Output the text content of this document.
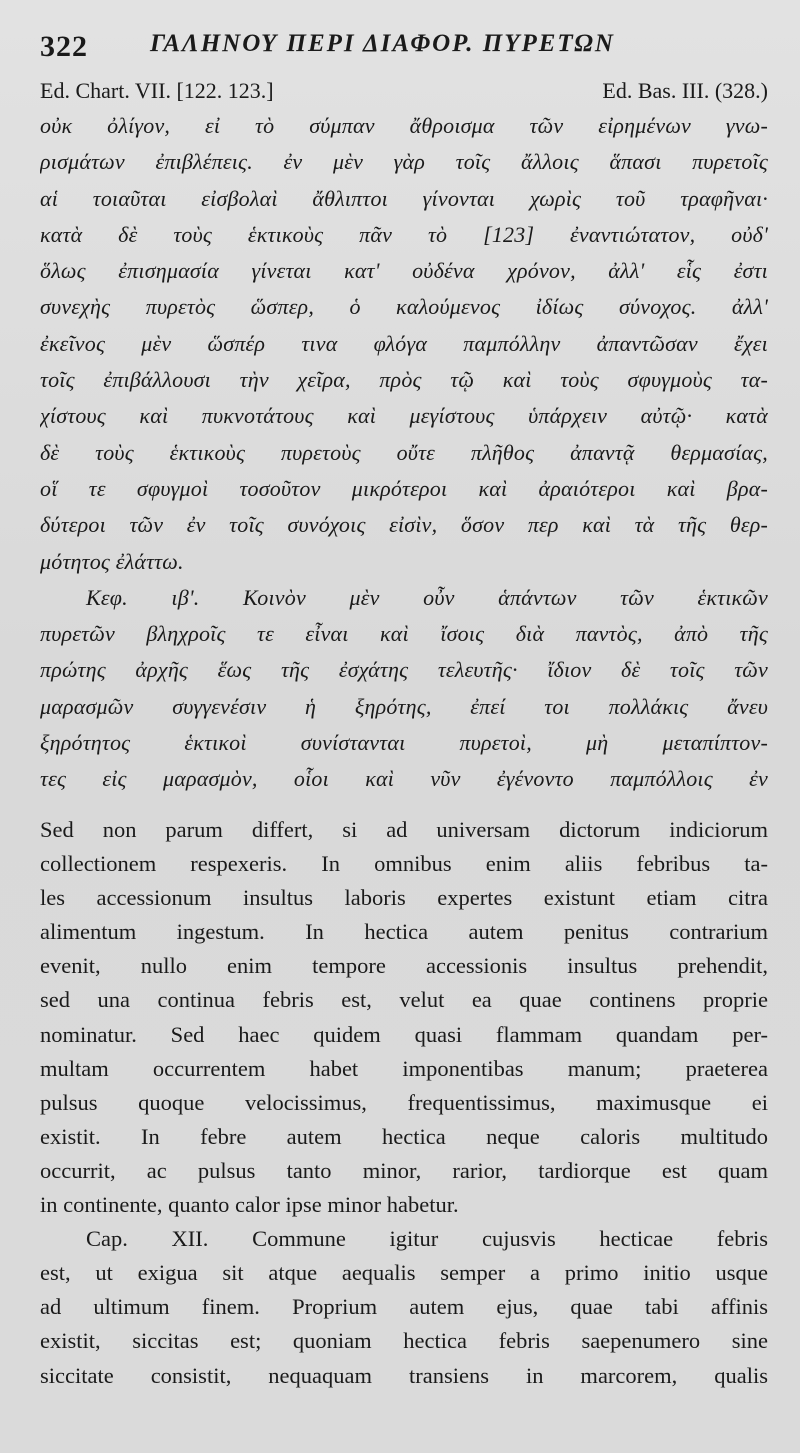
322 ΓΑΛΗΝΟΥ ΠΕΡΙ ΔΙΑΦΟΡ. ΠΥΡΕΤΩΝ
Ed. Chart. VII. [122. 123.]	Ed. Bas. III. (328.)
οὐκ ὀλίγον, εἰ τὸ σύμπαν ἄθροισμα τῶν εἰρημένων γνω-
ρισμάτων ἐπιβλέπεις. ἐν μὲν γὰρ τοῖς ἄλλοις ἅπασι πυρετοῖς
αἱ τοιαῦται εἰσβολαὶ ἄθλιπτοι γίνονται χωρὶς τοῦ τραφῆναι·
κατὰ δὲ τοὺς ἑκτικοὺς πᾶν τὸ [123] ἐναντιώτατον, οὐδ'
ὅλως ἐπισημασία γίνεται κατ' οὐδένα χρόνον, ἀλλ' εἷς ἐστι
συνεχὴς πυρετὸς ὥσπερ, ὁ καλούμενος ἰδίως σύνοχος. ἀλλ'
ἐκεῖνος μὲν ὥσπέρ τινα φλόγα παμπόλλην ἀπαντῶσαν ἔχει
τοῖς ἐπιβάλλουσι τὴν χεῖρα, πρὸς τῷ καὶ τοὺς σφυγμοὺς τα-
χίστους καὶ πυκνοτάτους καὶ μεγίστους ὑπάρχειν αὐτῷ· κατὰ
δὲ τοὺς ἑκτικοὺς πυρετοὺς οὔτε πλῆθος ἀπαντᾷ θερμασίας,
οἵ τε σφυγμοὶ τοσοῦτον μικρότεροι καὶ ἀραιότεροι καὶ βρα-
δύτεροι τῶν ἐν τοῖς συνόχοις εἰσὶν, ὅσον περ καὶ τὰ τῆς θερ-
μότητος ἐλάττω.
Κεφ. ιβ'. Κοινὸν μὲν οὖν ἁπάντων τῶν ἑκτικῶν
πυρετῶν βληχροῖς τε εἶναι καὶ ἴσοις διὰ παντὸς, ἀπὸ τῆς
πρώτης ἀρχῆς ἕως τῆς ἐσχάτης τελευτῆς· ἴδιον δὲ τοῖς τῶν
μαρασμῶν συγγενέσιν ἡ ξηρότης, ἐπεί τοι πολλάκις ἄνευ
ξηρότητος ἑκτικοὶ συνίστανται πυρετοὶ, μὴ μεταπίπτον-
τες εἰς μαρασμὸν, οἷοι καὶ νῦν ἐγένοντο παμπόλλοις ἐν
Sed non parum differt, si ad universam dictorum indiciorum
collectionem respexeris. In omnibus enim aliis febribus ta-
les accessionum insultus laboris expertes existunt etiam citra
alimentum ingestum. In hectica autem penitus contrarium
evenit, nullo enim tempore accessionis insultus prehendit,
sed una continua febris est, velut ea quae continens proprie
nominatur. Sed haec quidem quasi flammam quandam per-
multam occurrentem habet imponentibas manum; praeterea
pulsus quoque velocissimus, frequentissimus, maximusque ei
existit. In febre autem hectica neque caloris multitudo
occurrit, ac pulsus tanto minor, rarior, tardiorque est quam
in continente, quanto calor ipse minor habetur.
Cap. XII. Commune igitur cujusvis hecticae febris
est, ut exigua sit atque aequalis semper a primo initio usque
ad ultimum finem. Proprium autem ejus, quae tabi affinis
existit, siccitas est; quoniam hectica febris saepenumero sine
siccitate consistit, nequaquam transiens in marcorem, qualis
